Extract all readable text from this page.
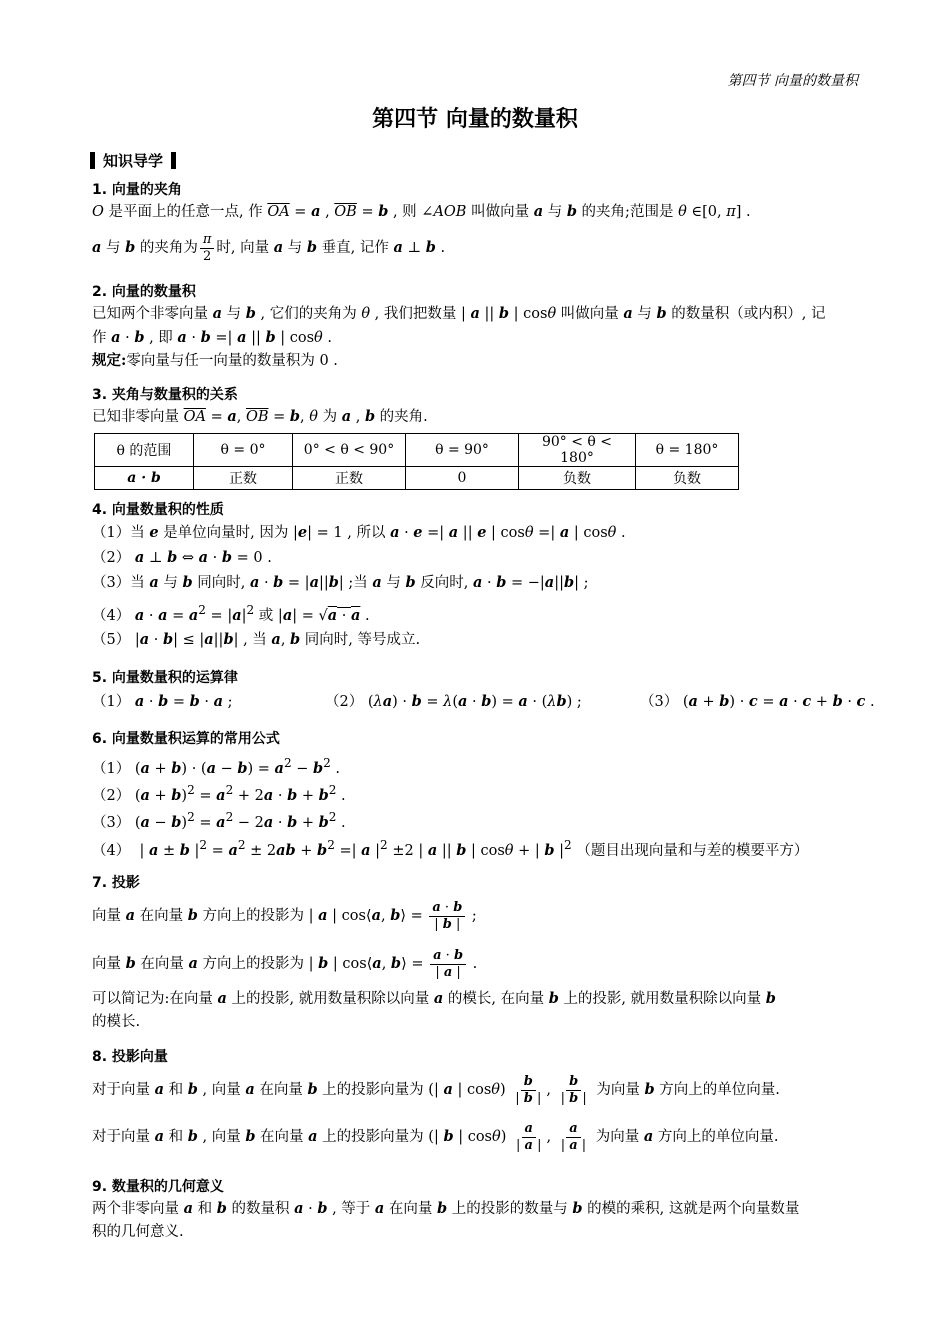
第四节 向量的数量积
第四节 向量的数量积
知识导学
1. 向量的夹角
O 是平面上的任意一点, 作 $\overline{OA} = a$ , $\overline{OB} = b$ , 则 ∠AOB 叫做向量 a 与 b 的夹角;范围是 θ ∈[0, π] .
a 与 b 的夹角为 $\frac{\pi}{2}$ 时, 向量 a 与 b 垂直, 记作 a ⊥ b .
2. 向量的数量积
已知两个非零向量 a 与 b , 它们的夹角为 θ , 我们把数量 | a || b | cosθ 叫做向量 a 与 b 的数量积（或内积）, 记
作 a · b , 即 a · b =| a || b | cosθ .
规定:零向量与任一向量的数量积为 0 .
3. 夹角与数量积的关系
已知非零向量 $\overline{OA} = a$, $\overline{OB} = b$, θ 为 a , b 的夹角.
θ 的范围	θ = 0°	0° < θ < 90°	θ = 90°	90° < θ < 180°	θ = 180°
a · b	正数	正数	0	负数	负数
4. 向量数量积的性质
（1）当 e 是单位向量时, 因为 |e| = 1 , 所以 a · e =| a || e | cosθ =| a | cosθ .
（2） a ⊥ b ⇔ a · b = 0 .
（3）当 a 与 b 同向时, a · b = |a||b| ;当 a 与 b 反向时, a · b = −|a||b| ;
（4） $a \cdot a = a^2 = |a|^2$ 或 |a| = √a · a .
（5） |a · b| ≤ |a||b| , 当 a, b 同向时, 等号成立.
5. 向量数量积的运算律
（1） a · b = b · a ;	（2） (λa) · b = λ(a · b) = a · (λb) ;	（3） (a + b) · c = a · c + b · c .
6. 向量数量积运算的常用公式
（1） $(a + b) \cdot (a - b) = a^2 - b^2$ .
（2） $(a + b)^2 = a^2 + 2a \cdot b + b^2$ .
（3） $(a - b)^2 = a^2 - 2a \cdot b + b^2$ .
（4）  | a ± b $|^2 = a^2 \pm 2ab + b^2$ =| a $|^2 \pm 2$ | a || b | cosθ + | b $|^2$ （题目出现向量和与差的模要平方）
7. 投影
向量 a 在向量 b 方向上的投影为 | a | cos⟨a, b⟩ = $\frac{a \cdot b}{| b |}$ ;
向量 b 在向量 a 方向上的投影为 | b | cos⟨a, b⟩ = $\frac{a \cdot b}{| a |}$ .
可以简记为:在向量 a 上的投影, 就用数量积除以向量 a 的模长, 在向量 b 上的投影, 就用数量积除以向量 b
的模长.
8. 投影向量
对于向量 a 和 b , 向量 a 在向量 b 上的投影向量为 (| a | $\cos\theta) \frac{b}{| b |}$ , $\frac{b}{| b |}$ 为向量 b 方向上的单位向量.
对于向量 a 和 b , 向量 b 在向量 a 上的投影向量为 (| b | $\cos\theta) \frac{a}{| a |}$ , $\frac{a}{| a |}$ 为向量 a 方向上的单位向量.
9. 数量积的几何意义
两个非零向量 a 和 b 的数量积 a · b , 等于 a 在向量 b 上的投影的数量与 b 的模的乘积, 这就是两个向量数量
积的几何意义.
